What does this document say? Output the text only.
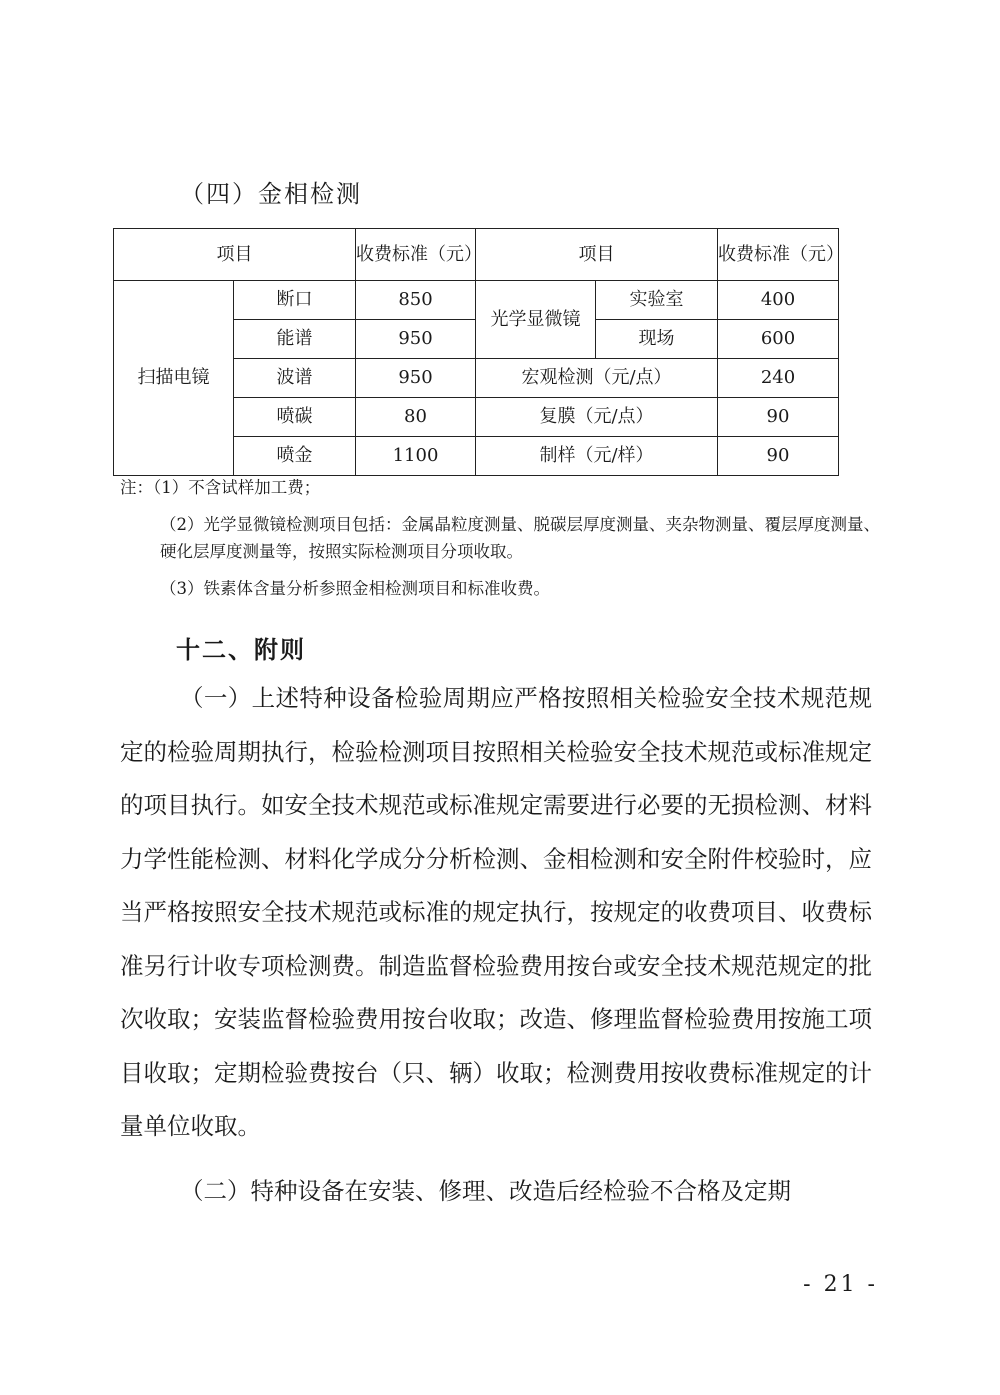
（四）金相检测
项目		收费标准（元）	项目		收费标准（元）
扫描电镜	断口	850	光学显微镜	实验室	400
	能谱	950		现场	600
	波谱	950	宏观检测（元/点）		240
	喷碳	80	复膜（元/点）		90
	喷金	1100	制样（元/样）		90

注：（1）不含试样加工费；

（2）光学显微镜检测项目包括：金属晶粒度测量、脱碳层厚度测量、夹杂物测量、覆层厚度测量、硬化层厚度测量等，按照实际检测项目分项收取。

（3）铁素体含量分析参照金相检测项目和标准收费。

十二、附则

（一）上述特种设备检验周期应严格按照相关检验安全技术规范规定的检验周期执行，检验检测项目按照相关检验安全技术规范或标准规定的项目执行。如安全技术规范或标准规定需要进行必要的无损检测、材料力学性能检测、材料化学成分分析检测、金相检测和安全附件校验时，应当严格按照安全技术规范或标准的规定执行，按规定的收费项目、收费标准另行计收专项检测费。制造监督检验费用按台或安全技术规范规定的批次收取；安装监督检验费用按台收取；改造、修理监督检验费用按施工项目收取；定期检验费按台（只、辆）收取；检测费用按收费标准规定的计量单位收取。

（二）特种设备在安装、修理、改造后经检验不合格及定期

- 21 -
